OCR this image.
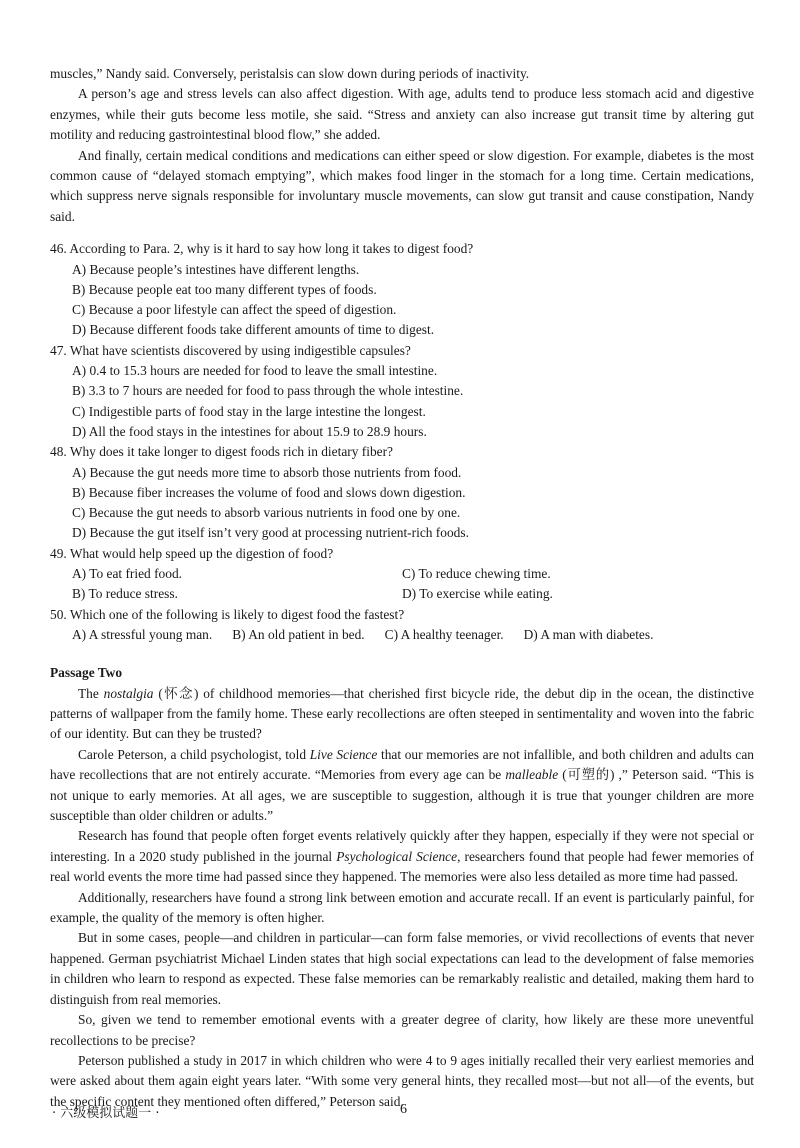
muscles,” Nandy said. Conversely, peristalsis can slow down during periods of inactivity.

A person’s age and stress levels can also affect digestion. With age, adults tend to produce less stomach acid and digestive enzymes, while their guts become less motile, she said. “Stress and anxiety can also increase gut transit time by altering gut motility and reducing gastrointestinal blood flow,” she added.

And finally, certain medical conditions and medications can either speed or slow digestion. For example, diabetes is the most common cause of “delayed stomach emptying”, which makes food linger in the stomach for a long time. Certain medications, which suppress nerve signals responsible for involuntary muscle movements, can slow gut transit and cause constipation, Nandy said.

46. According to Para. 2, why is it hard to say how long it takes to digest food?

A) Because people’s intestines have different lengths.

B) Because people eat too many different types of foods.

C) Because a poor lifestyle can affect the speed of digestion.

D) Because different foods take different amounts of time to digest.

47. What have scientists discovered by using indigestible capsules?

A) 0.4 to 15.3 hours are needed for food to leave the small intestine.

B) 3.3 to 7 hours are needed for food to pass through the whole intestine.

C) Indigestible parts of food stay in the large intestine the longest.

D) All the food stays in the intestines for about 15.9 to 28.9 hours.

48. Why does it take longer to digest foods rich in dietary fiber?

A) Because the gut needs more time to absorb those nutrients from food.

B) Because fiber increases the volume of food and slows down digestion.

C) Because the gut needs to absorb various nutrients in food one by one.

D) Because the gut itself isn’t very good at processing nutrient-rich foods.

49. What would help speed up the digestion of food?

A) To eat fried food.	C) To reduce chewing time.
B) To reduce stress.	D) To exercise while eating.

50. Which one of the following is likely to digest food the fastest?

A) A stressful young man. B) An old patient in bed. C) A healthy teenager. D) A man with diabetes.

Passage Two

The nostalgia (怀念) of childhood memories—that cherished first bicycle ride, the debut dip in the ocean, the distinctive patterns of wallpaper from the family home. These early recollections are often steeped in sentimentality and woven into the fabric of our identity. But can they be trusted?

Carole Peterson, a child psychologist, told Live Science that our memories are not infallible, and both children and adults can have recollections that are not entirely accurate. “Memories from every age can be malleable (可塑的) ,” Peterson said. “This is not unique to early memories. At all ages, we are susceptible to suggestion, although it is true that younger children are more susceptible than older children or adults.”

Research has found that people often forget events relatively quickly after they happen, especially if they were not special or interesting. In a 2020 study published in the journal Psychological Science, researchers found that people had fewer memories of real world events the more time had passed since they happened. The memories were also less detailed as more time had passed.

Additionally, researchers have found a strong link between emotion and accurate recall. If an event is particularly painful, for example, the quality of the memory is often higher.

But in some cases, people—and children in particular—can form false memories, or vivid recollections of events that never happened. German psychiatrist Michael Linden states that high social expectations can lead to the development of false memories in children who learn to respond as expected. These false memories can be remarkably realistic and detailed, making them hard to distinguish from real memories.

So, given we tend to remember emotional events with a greater degree of clarity, how likely are these more uneventful recollections to be precise?

Peterson published a study in 2017 in which children who were 4 to 9 ages initially recalled their very earliest memories and were asked about them again eight years later. “With some very general hints, they recalled most—but not all—of the events, but the specific content they mentioned often differed,” Peterson said.

· 六级模拟试题一 ·	6
